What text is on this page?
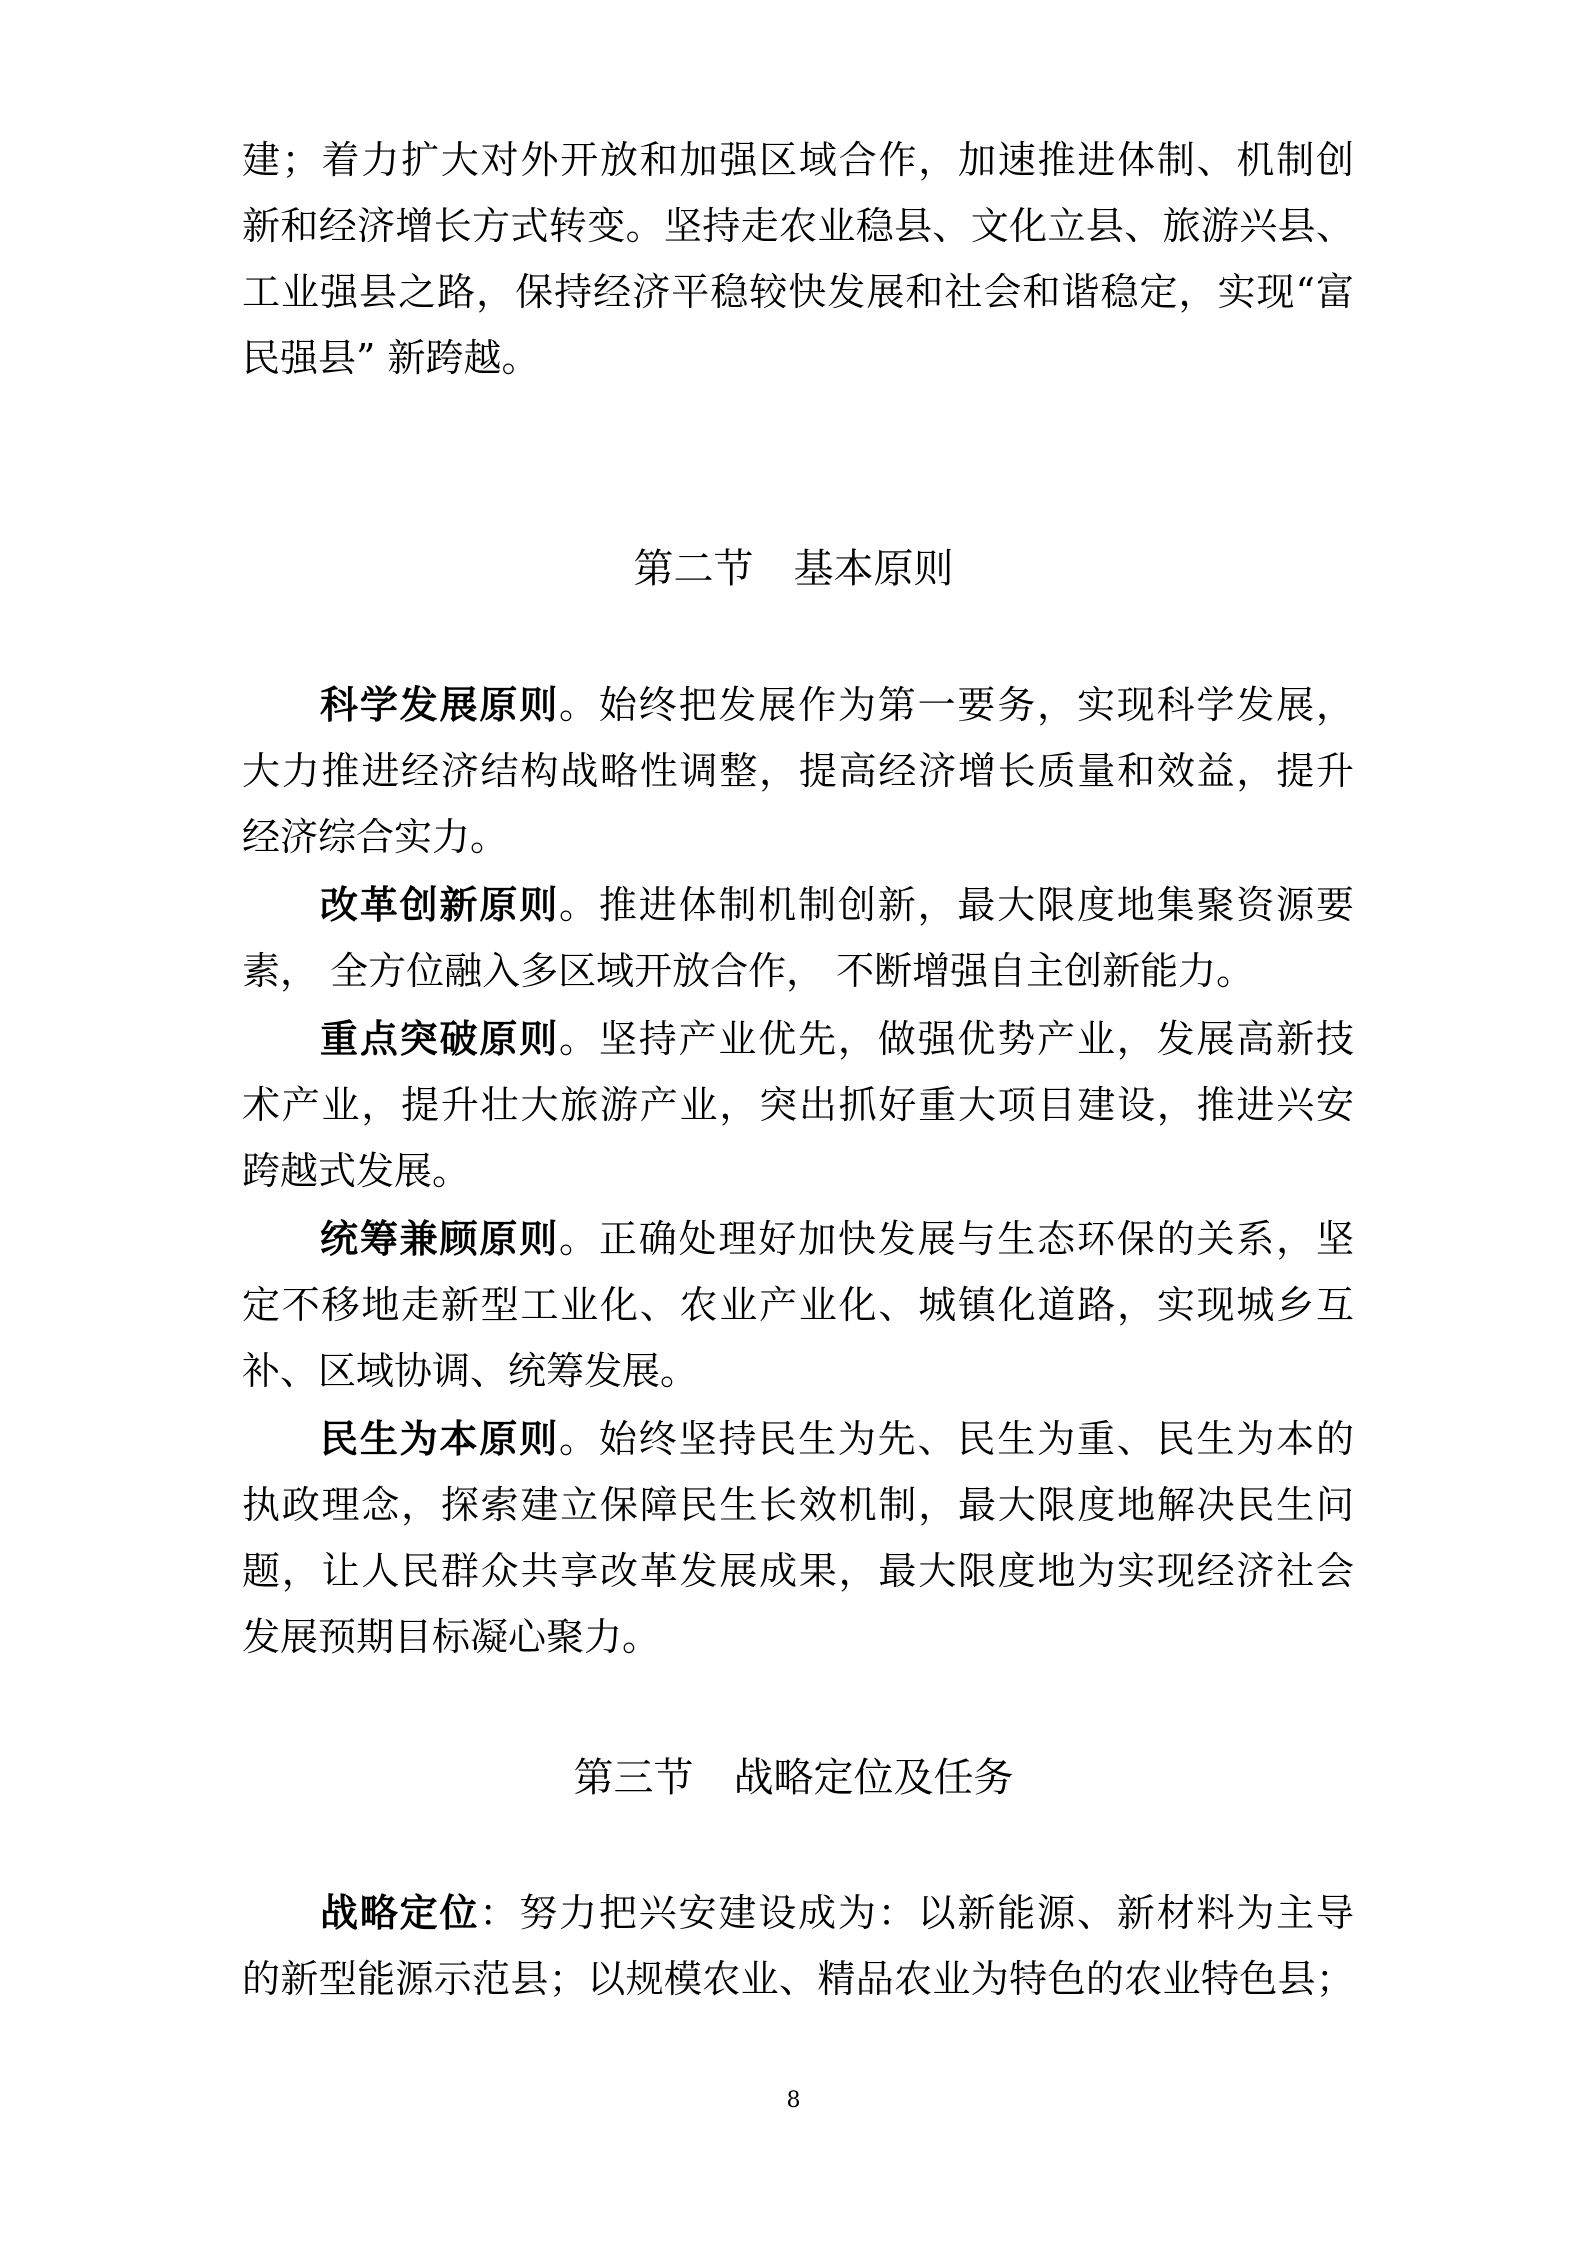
建；着力扩大对外开放和加强区域合作，加速推进体制、机制创
新和经济增长方式转变。坚持走农业稳县、文化立县、旅游兴县、
工业强县之路，保持经济平稳较快发展和社会和谐稳定，实现“富
民强县” 新跨越。
第二节　基本原则
科学发展原则。始终把发展作为第一要务，实现科学发展，
大力推进经济结构战略性调整，提高经济增长质量和效益，提升
经济综合实力。
改革创新原则。推进体制机制创新，最大限度地集聚资源要
素， 全方位融入多区域开放合作， 不断增强自主创新能力。
重点突破原则。坚持产业优先，做强优势产业，发展高新技
术产业，提升壮大旅游产业，突出抓好重大项目建设，推进兴安
跨越式发展。
统筹兼顾原则。正确处理好加快发展与生态环保的关系，坚
定不移地走新型工业化、农业产业化、城镇化道路，实现城乡互
补、区域协调、统筹发展。
民生为本原则。始终坚持民生为先、民生为重、民生为本的
执政理念，探索建立保障民生长效机制，最大限度地解决民生问
题，让人民群众共享改革发展成果，最大限度地为实现经济社会
发展预期目标凝心聚力。
第三节　战略定位及任务
战略定位：努力把兴安建设成为：以新能源、新材料为主导
的新型能源示范县；以规模农业、精品农业为特色的农业特色县；
8
